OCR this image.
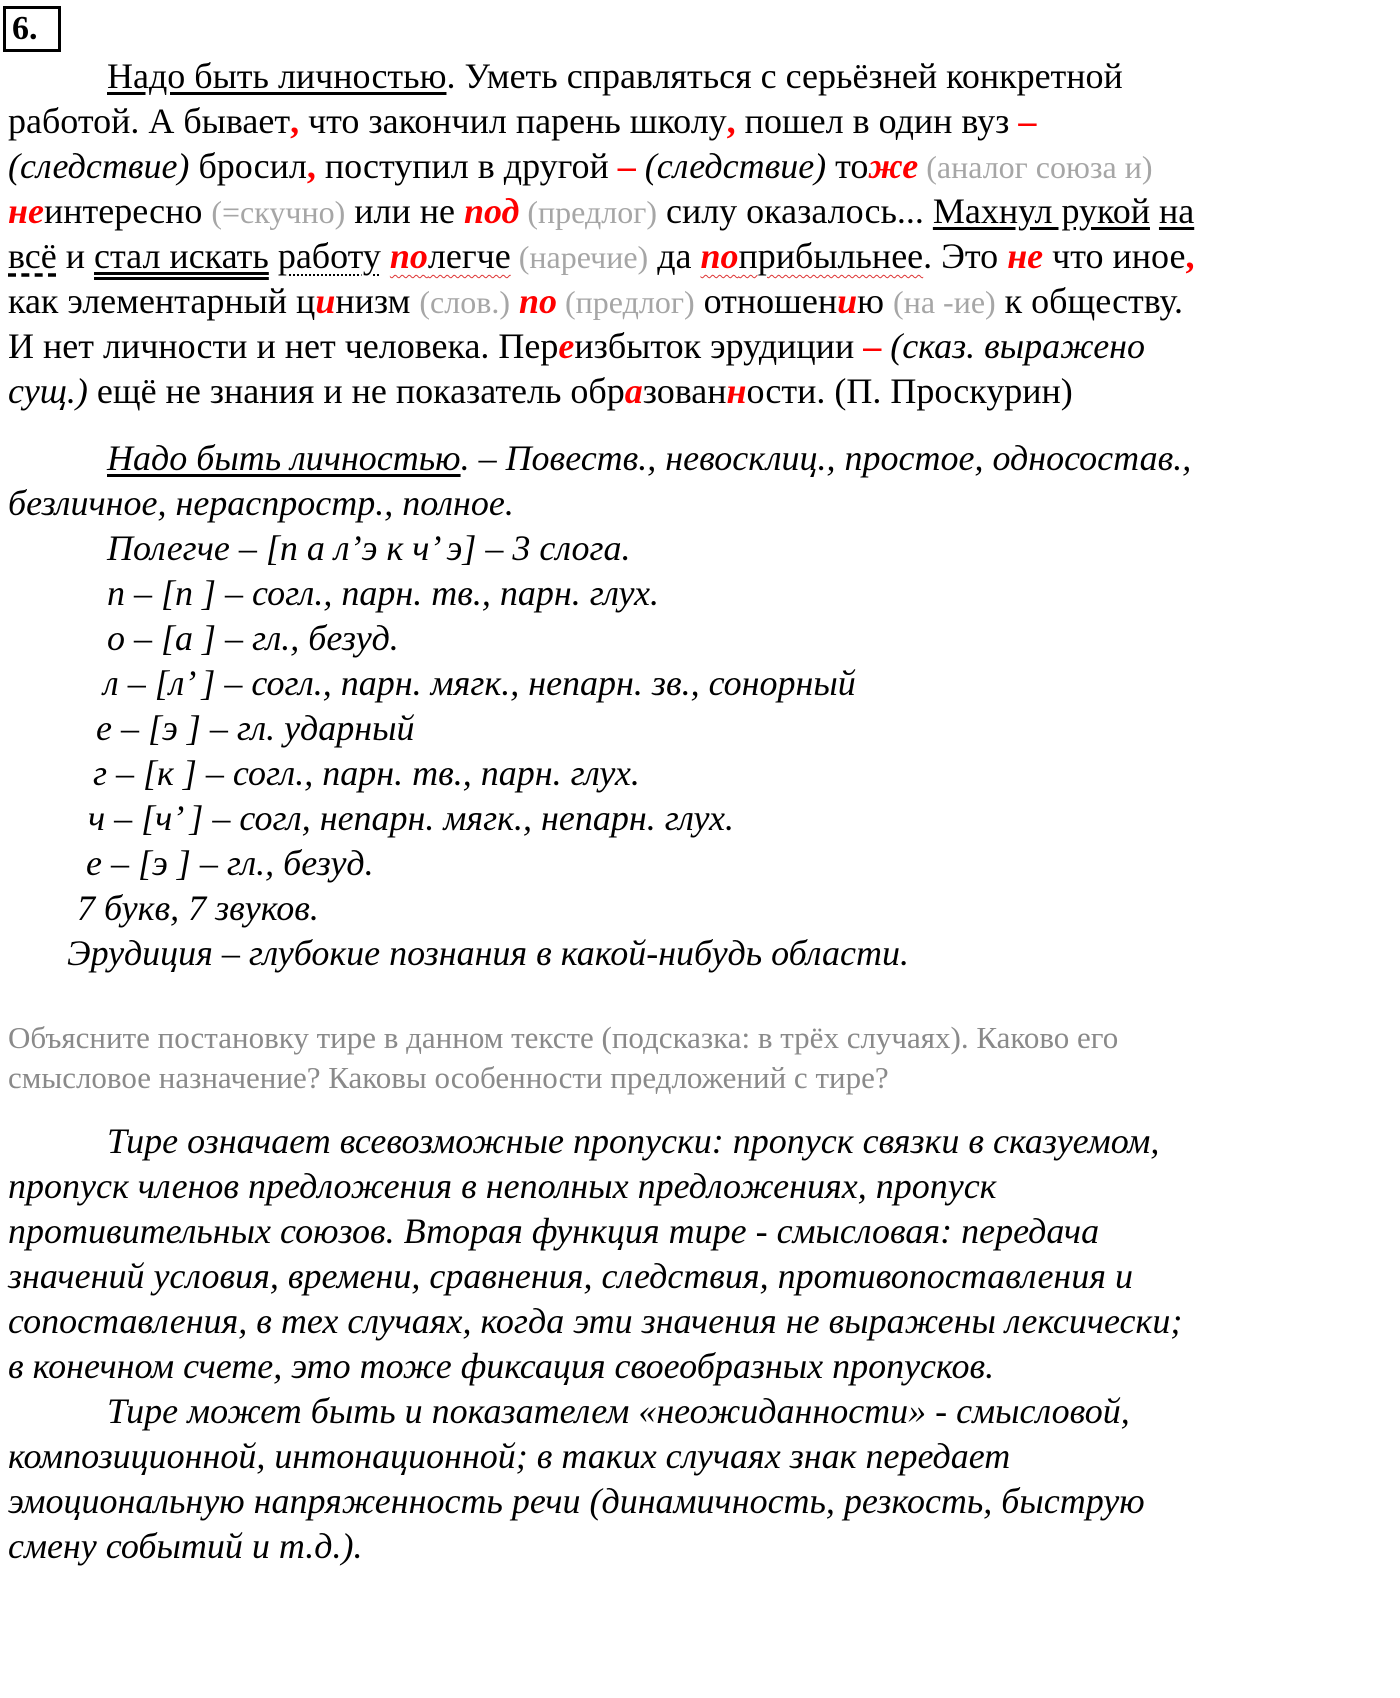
6.
Надо быть личностью. Уметь справляться с серьёзней конкретной
работой. А бывает, что закончил парень школу, пошел в один вуз –
(следствие) бросил, поступил в другой – (следствие) тоже (аналог союза и)
неинтересно (=скучно) или не под (предлог) силу оказалось... Махнул рукой на
всё и стал искать работу полегче (наречие) да поприбыльнее. Это не что иное,
как элементарный цинизм (слов.) по (предлог) отношению (на -ие) к обществу.
И нет личности и нет человека. Переизбыток эрудиции – (сказ. выражено
сущ.) ещё не знания и не показатель образованности. (П. Проскурин)
Надо быть личностью. – Повеств., невосклиц., простое, односостав.,
безличное, нераспростр., полное.
Полегче – [п а л’э к ч’ э] – 3 слога.
п – [п ] – согл., парн. тв., парн. глух.
о – [а ] – гл., безуд.
л – [л’ ] – согл., парн. мягк., непарн. зв., сонорный
е – [э ] – гл. ударный
г – [к ] – согл., парн. тв., парн. глух.
ч – [ч’ ] – согл, непарн. мягк., непарн. глух.
е – [э ] – гл., безуд.
7 букв, 7 звуков.
Эрудиция – глубокие познания в какой-нибудь области.
Объясните постановку тире в данном тексте (подсказка: в трёх случаях). Каково его
смысловое назначение? Каковы особенности предложений с тире?
Тире означает всевозможные пропуски: пропуск связки в сказуемом,
пропуск членов предложения в неполных предложениях, пропуск
противительных союзов. Вторая функция тире - смысловая: передача
значений условия, времени, сравнения, следствия, противопоставления и
сопоставления, в тех случаях, когда эти значения не выражены лексически;
в конечном счете, это тоже фиксация своеобразных пропусков.
Тире может быть и показателем «неожиданности» - смысловой,
композиционной, интонационной; в таких случаях знак передает
эмоциональную напряженность речи (динамичность, резкость, быструю
смену событий и т.д.).
